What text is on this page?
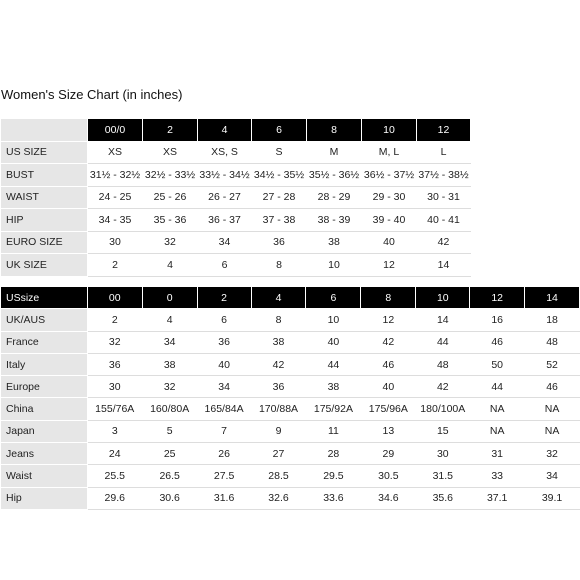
Women's Size Chart (in inches)
	00/0	2	4	6	8	10	12
US SIZE	XS	XS	XS, S	S	M	M, L	L
BUST	31½ - 32½	32½ - 33½	33½ - 34½	34½ - 35½	35½ - 36½	36½ - 37½	37½ - 38½
WAIST	24 - 25	25 - 26	26 - 27	27 - 28	28 - 29	29 - 30	30 - 31
HIP	34 - 35	35 - 36	36 - 37	37 - 38	38 - 39	39 - 40	40 - 41
EURO SIZE	30	32	34	36	38	40	42
UK SIZE	2	4	6	8	10	12	14
USsize	00	0	2	4	6	8	10	12	14
UK/AUS	2	4	6	8	10	12	14	16	18
France	32	34	36	38	40	42	44	46	48
Italy	36	38	40	42	44	46	48	50	52
Europe	30	32	34	36	38	40	42	44	46
China	155/76A	160/80A	165/84A	170/88A	175/92A	175/96A	180/100A	NA	NA
Japan	3	5	7	9	11	13	15	NA	NA
Jeans	24	25	26	27	28	29	30	31	32
Waist	25.5	26.5	27.5	28.5	29.5	30.5	31.5	33	34
Hip	29.6	30.6	31.6	32.6	33.6	34.6	35.6	37.1	39.1
